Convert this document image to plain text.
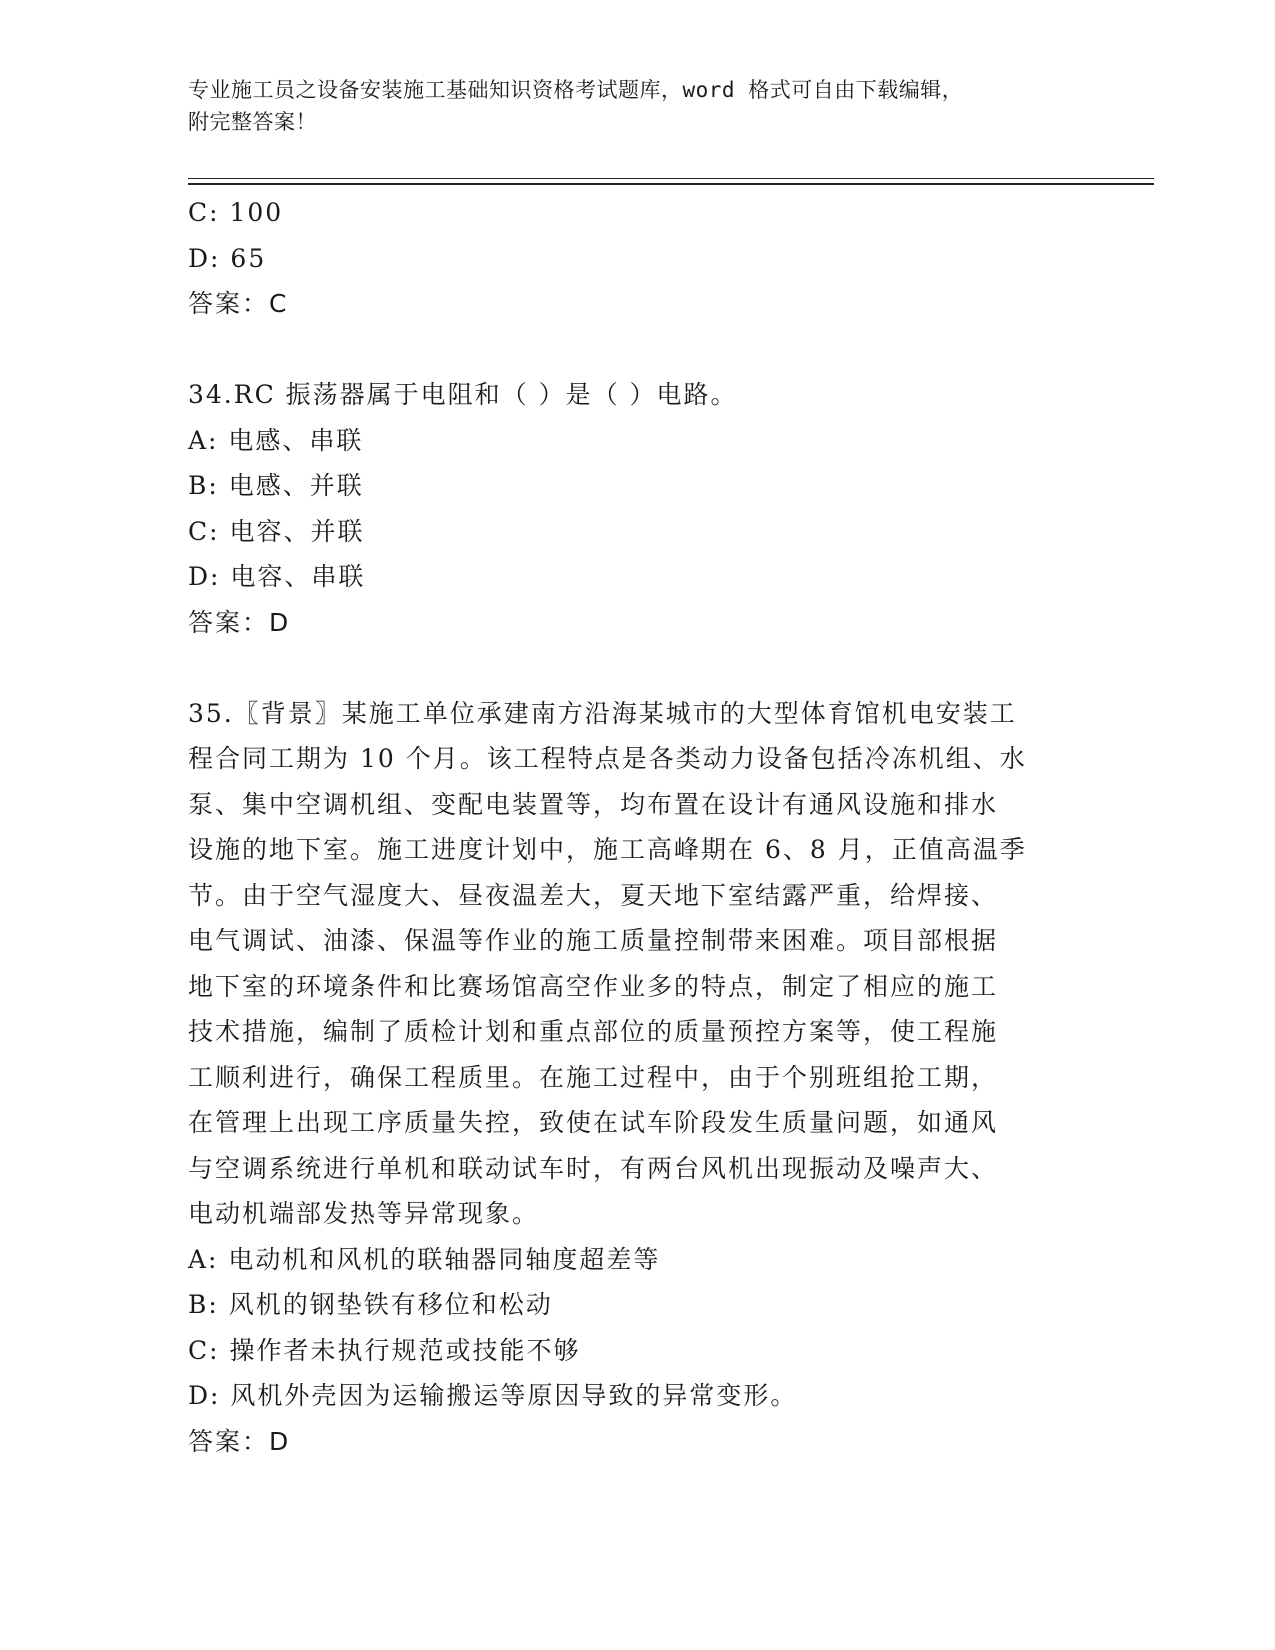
专业施工员之设备安装施工基础知识资格考试题库，word 格式可自由下载编辑，
附完整答案！
C: 100
D: 65
答案：C
34.RC 振荡器属于电阻和（ ）是（ ）电路。
A: 电感、串联
B: 电感、并联
C: 电容、并联
D: 电容、串联
答案：D
35.〖背景〗某施工单位承建南方沿海某城市的大型体育馆机电安装工
程合同工期为 10 个月。该工程特点是各类动力设备包括冷冻机组、水
泵、集中空调机组、变配电装置等，均布置在设计有通风设施和排水
设施的地下室。施工进度计划中，施工高峰期在 6、8 月，正值高温季
节。由于空气湿度大、昼夜温差大，夏天地下室结露严重，给焊接、
电气调试、油漆、保温等作业的施工质量控制带来困难。项目部根据
地下室的环境条件和比赛场馆高空作业多的特点，制定了相应的施工
技术措施，编制了质检计划和重点部位的质量预控方案等，使工程施
工顺利进行，确保工程质里。在施工过程中，由于个别班组抢工期，
在管理上出现工序质量失控，致使在试车阶段发生质量问题，如通风
与空调系统进行单机和联动试车时，有两台风机出现振动及噪声大、
电动机端部发热等异常现象。
A: 电动机和风机的联轴器同轴度超差等
B: 风机的钢垫铁有移位和松动
C: 操作者未执行规范或技能不够
D: 风机外壳因为运输搬运等原因导致的异常变形。
答案：D
